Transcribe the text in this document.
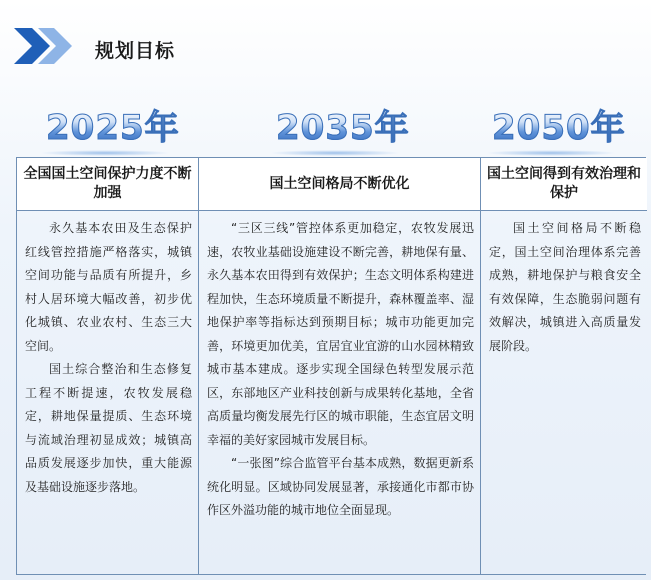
规划目标
2025年	2035年 2050年
全国国土空间保护力度不断加强

永久基本农田及生态保护红线管控措施严格落实，城镇空间功能与品质有所提升，乡村人居环境大幅改善，初步优化城镇、农业农村、生态三大空间。

国土综合整治和生态修复工程不断提速，农牧发展稳定，耕地保量提质、生态环境与流域治理初显成效；城镇高品质发展逐步加快，重大能源及基础设施逐步落地。

国土空间格局不断优化

“三区三线”管控体系更加稳定，农牧发展迅速，农牧业基础设施建设不断完善，耕地保有量、永久基本农田得到有效保护；生态文明体系构建进程加快，生态环境质量不断提升，森林覆盖率、湿地保护率等指标达到预期目标；城市功能更加完善，环境更加优美，宜居宜业宜游的山水园林精致城市基本建成。逐步实现全国绿色转型发展示范区，东部地区产业科技创新与成果转化基地，全省高质量均衡发展先行区的城市职能，生态宜居文明幸福的美好家园城市发展目标。

“一张图”综合监管平台基本成熟，数据更新系统化明显。区域协同发展显著，承接通化市都市协作区外溢功能的城市地位全面显现。

国土空间得到有效治理和保护

国土空间格局不断稳定，国土空间治理体系完善成熟，耕地保护与粮食安全有效保障，生态脆弱问题有效解决，城镇进入高质量发展阶段。
